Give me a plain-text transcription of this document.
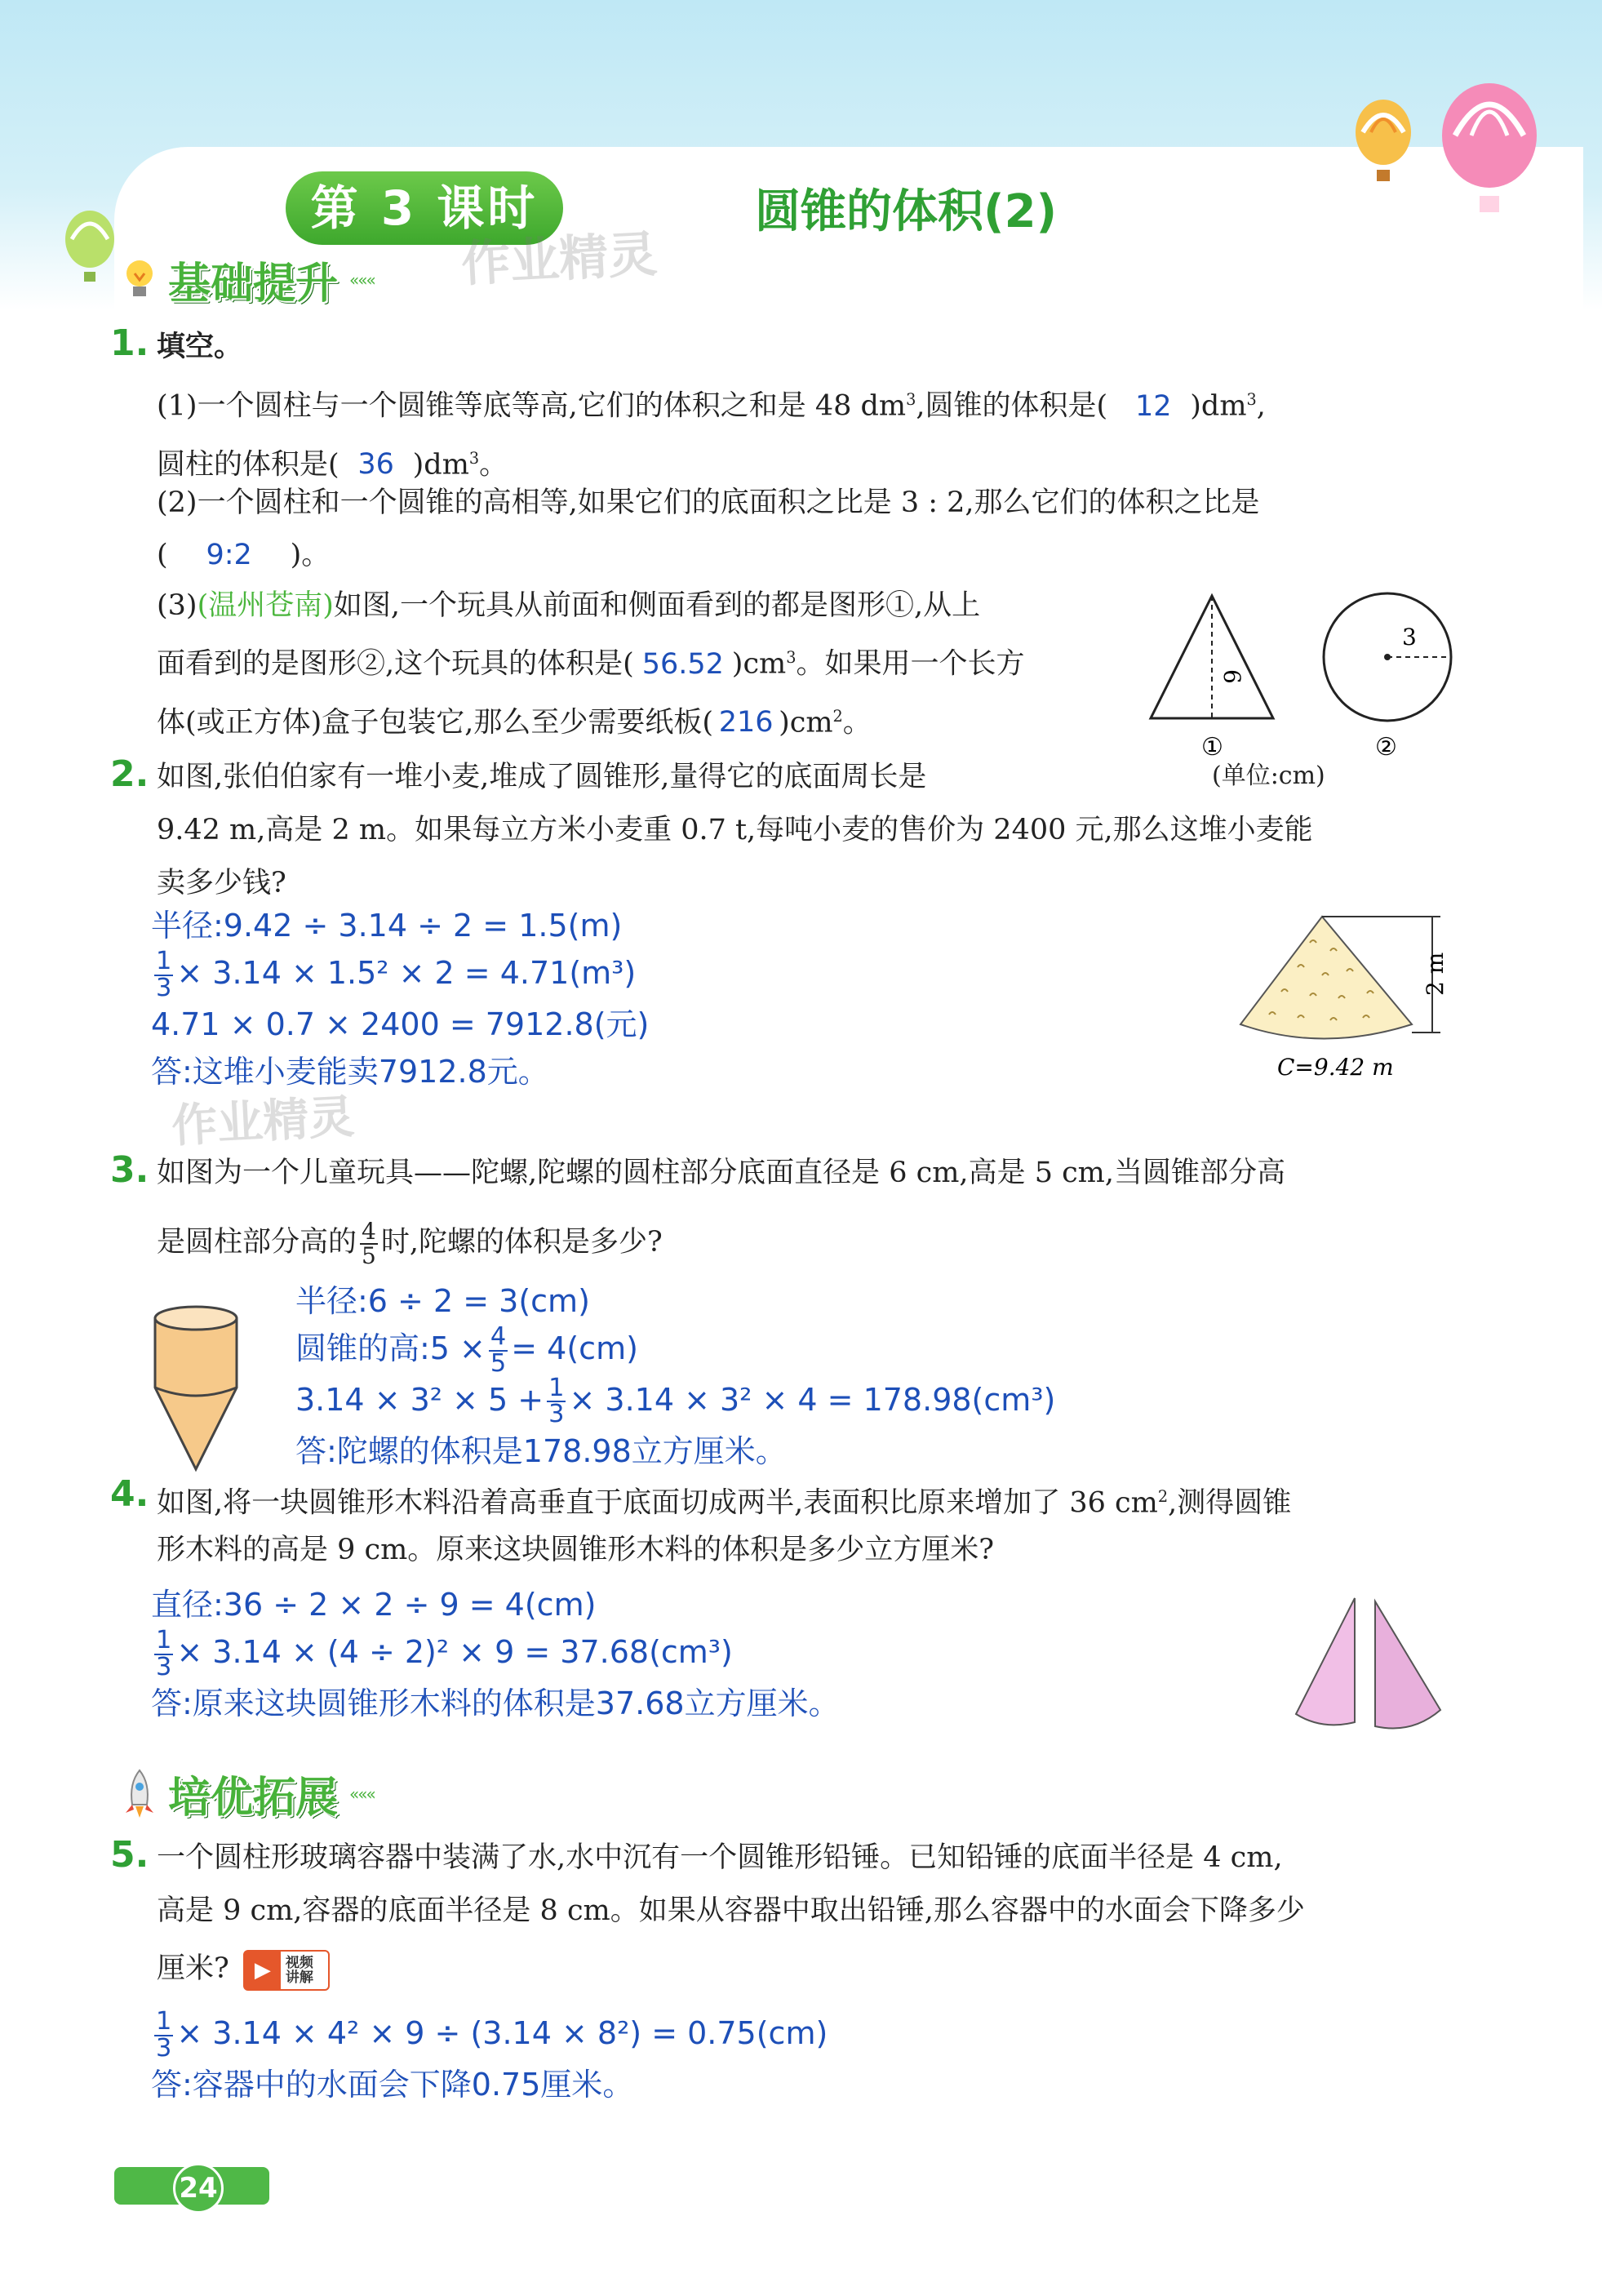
第 3 课时	圆锥的体积(2)
基础提升 ««« 作业精灵
1. 填空。
(1)一个圆柱与一个圆锥等底等高,它们的体积之和是 48 $dm^3$,圆锥的体积是( 12 )$dm^3$,
圆柱的体积是( 36 )$dm^3$。
(2)一个圆柱和一个圆锥的高相等,如果它们的底面积之比是 3 : 2,那么它们的体积之比是
( 9:2 )。
(3)(温州苍南)如图,一个玩具从前面和侧面看到的都是图形①,从上
面看到的是图形②,这个玩具的体积是( 56.52 )$cm^3$。如果用一个长方
体(或正方体)盒子包装它,那么至少需要纸板( 216 )$cm^2$。
6
3
①	②
(单位:cm)
2. 如图,张伯伯家有一堆小麦,堆成了圆锥形,量得它的底面周长是
9.42 m,高是 2 m。如果每立方米小麦重 0.7 t,每吨小麦的售价为 2400 元,那么这堆小麦能
卖多少钱?
半径:9.42 ÷ 3.14 ÷ 2 = 1.5(m)
$\frac{1}{3} \times 3.14 \times 1.5^2 \times 2 = 4.71(m^3)$
4.71 × 0.7 × 2400 = 7912.8(元)
答:这堆小麦能卖7912.8元。
2 m
C=9.42 m
作业精灵
3. 如图为一个儿童玩具——陀螺,陀螺的圆柱部分底面直径是 6 cm,高是 5 cm,当圆锥部分高
是圆柱部分高的 $\frac{4}{5}$ 时,陀螺的体积是多少?
半径:6 ÷ 2 = 3(cm)
圆锥的高:5 × $\frac{4}{5} = 4(cm)$
$3.14 \times 3^2 \times 5 + \frac{1}{3} \times 3.14 \times 3^2 \times 4 = 178.98(cm^3)$
答:陀螺的体积是178.98立方厘米。
4. 如图,将一块圆锥形木料沿着高垂直于底面切成两半,表面积比原来增加了 36 $cm^2$,测得圆锥
形木料的高是 9 cm。原来这块圆锥形木料的体积是多少立方厘米?
直径:36 ÷ 2 × 2 ÷ 9 = 4(cm)
$\frac{1}{3} \times 3.14 \times (4 \div 2)^2 \times 9 = 37.68(cm^3)$
答:原来这块圆锥形木料的体积是37.68立方厘米。
培优拓展 «««
5. 一个圆柱形玻璃容器中装满了水,水中沉有一个圆锥形铅锤。已知铅锤的底面半径是 4 cm,
高是 9 cm,容器的底面半径是 8 cm。如果从容器中取出铅锤,那么容器中的水面会下降多少
厘米?	▶	视频讲解
$\frac{1}{3} \times 3.14 \times 4^2 \times 9 \div (3.14 \times 8^2) = 0.75(cm)$
答:容器中的水面会下降0.75厘米。
24
